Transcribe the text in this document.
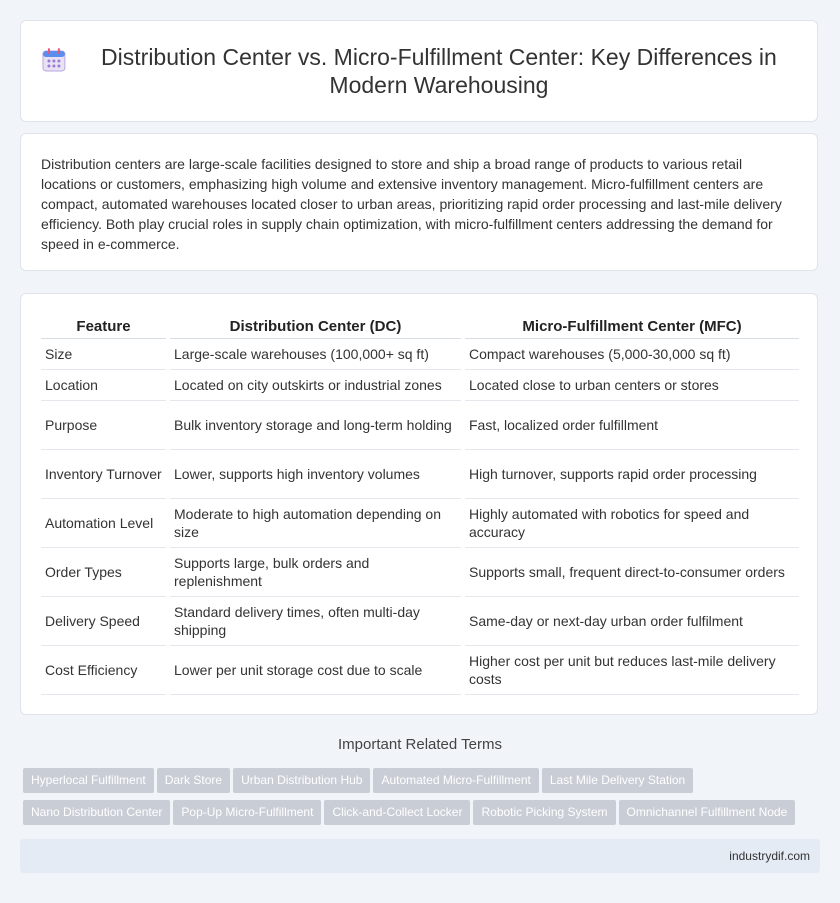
Distribution Center vs. Micro-Fulfillment Center: Key Differences in Modern Warehousing

Distribution centers are large-scale facilities designed to store and ship a broad range of products to various retail locations or customers, emphasizing high volume and extensive inventory management. Micro-fulfillment centers are compact, automated warehouses located closer to urban areas, prioritizing rapid order processing and last-mile delivery efficiency. Both play crucial roles in supply chain optimization, with micro-fulfillment centers addressing the demand for speed in e-commerce.

Feature	Distribution Center (DC)	Micro-Fulfillment Center (MFC)
Size	Large-scale warehouses (100,000+ sq ft)	Compact warehouses (5,000-30,000 sq ft)
Location	Located on city outskirts or industrial zones	Located close to urban centers or stores
Purpose	Bulk inventory storage and long-term holding	Fast, localized order fulfillment
Inventory Turnover	Lower, supports high inventory volumes	High turnover, supports rapid order processing
Automation Level	Moderate to high automation depending on size	Highly automated with robotics for speed and accuracy
Order Types	Supports large, bulk orders and replenishment	Supports small, frequent direct-to-consumer orders
Delivery Speed	Standard delivery times, often multi-day shipping	Same-day or next-day urban order fulfilment
Cost Efficiency	Lower per unit storage cost due to scale	Higher cost per unit but reduces last-mile delivery costs
Important Related Terms
Hyperlocal Fulfillment Dark Store Urban Distribution Hub Automated Micro-Fulfillment Last Mile Delivery Station
Nano Distribution Center Pop-Up Micro-Fulfillment Click-and-Collect Locker Robotic Picking System Omnichannel Fulfillment Node
industrydif.com
